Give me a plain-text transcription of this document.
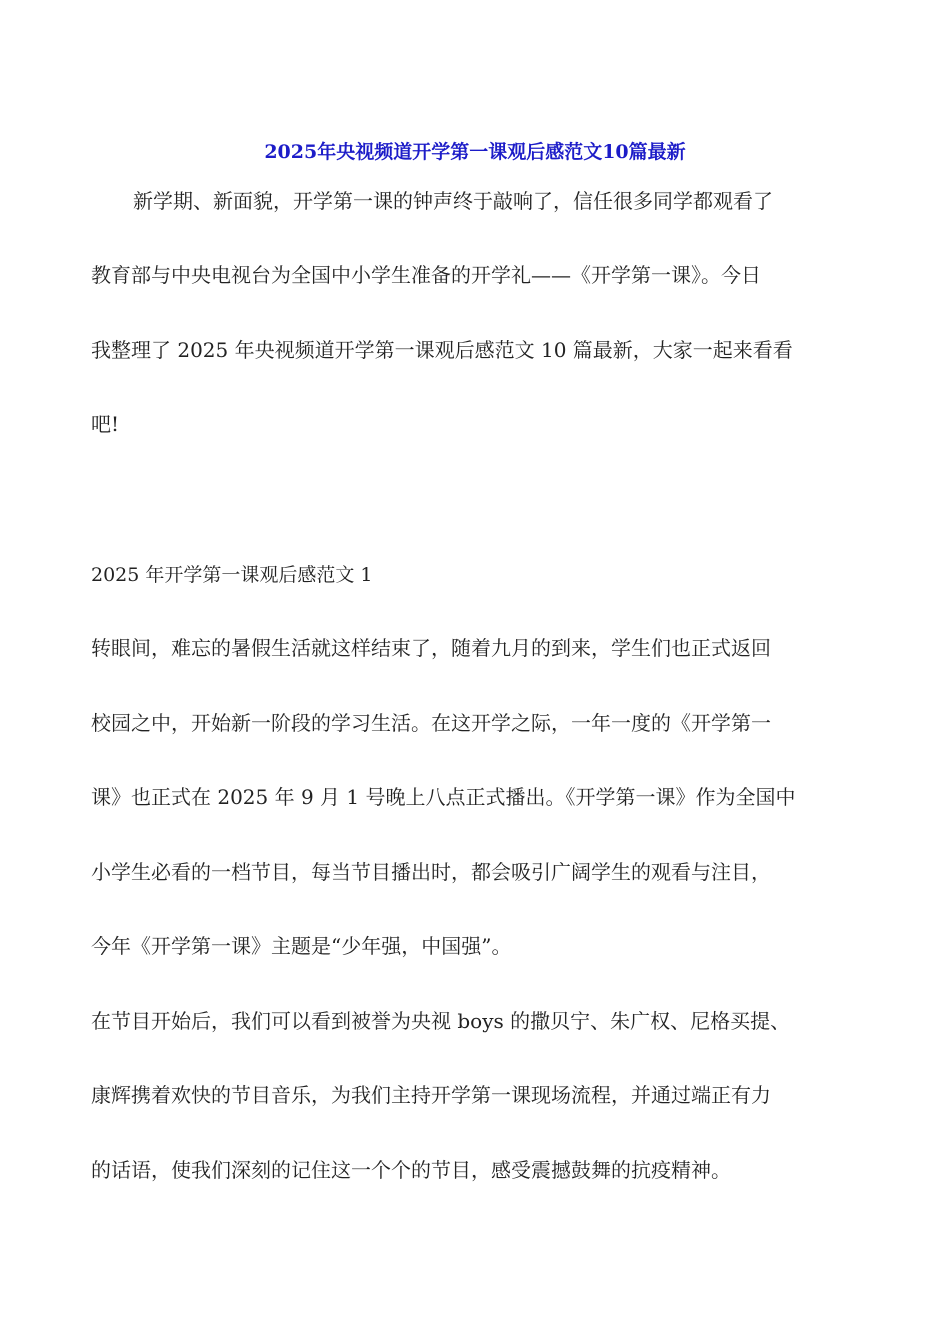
2025年央视频道开学第一课观后感范文10篇最新
新学期、新面貌，开学第一课的钟声终于敲响了，信任很多同学都观看了
教育部与中央电视台为全国中小学生准备的开学礼——《开学第一课》。今日
我整理了 2025 年央视频道开学第一课观后感范文 10 篇最新，大家一起来看看
吧!
2025 年开学第一课观后感范文 1
转眼间，难忘的暑假生活就这样结束了，随着九月的到来，学生们也正式返回
校园之中，开始新一阶段的学习生活。在这开学之际，一年一度的《开学第一
课》也正式在 2025 年 9 月 1 号晚上八点正式播出。《开学第一课》作为全国中
小学生必看的一档节目，每当节目播出时，都会吸引广阔学生的观看与注目，
今年《开学第一课》主题是“少年强，中国强”。
在节目开始后，我们可以看到被誉为央视 boys 的撒贝宁、朱广权、尼格买提、
康辉携着欢快的节目音乐，为我们主持开学第一课现场流程，并通过端正有力
的话语，使我们深刻的记住这一个个的节目，感受震撼鼓舞的抗疫精神。
